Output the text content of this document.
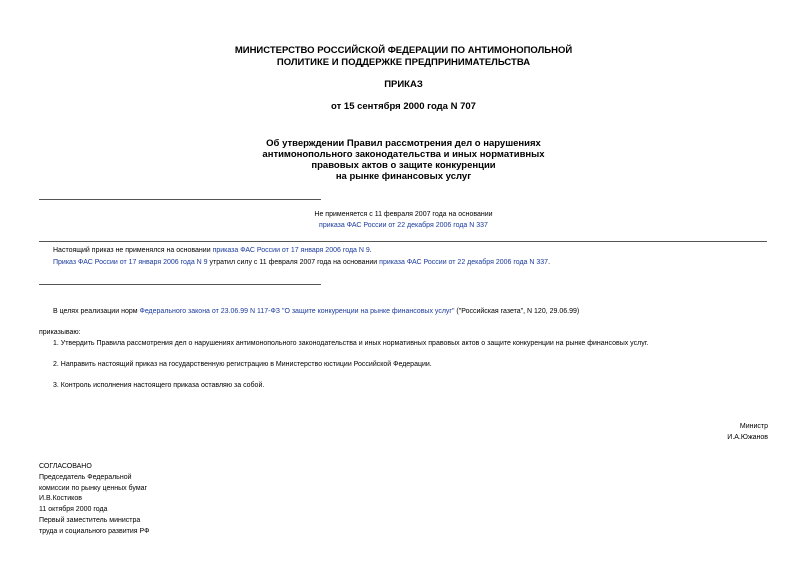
МИНИСТЕРСТВО РОССИЙСКОЙ ФЕДЕРАЦИИ ПО АНТИМОНОПОЛЬНОЙ

ПОЛИТИКЕ И ПОДДЕРЖКЕ ПРЕДПРИНИМАТЕЛЬСТВА

ПРИКАЗ
от 15 сентября 2000 года N 707

Об утверждении Правил рассмотрения дел о нарушениях

антимонопольного законодательства и иных нормативных

правовых актов о защите конкуренции

на рынке финансовых услуг

Не применяется с 11 февраля 2007 года на основании
приказа ФАС России от 22 декабря 2006 года N 337
Настоящий приказ не применялся на основании приказа ФАС России от 17 января 2006 года N 9.
Приказ ФАС России от 17 января 2006 года N 9 утратил силу с 11 февраля 2007 года на основании приказа ФАС России от 22 декабря 2006 года N 337.
В целях реализации норм Федерального закона от 23.06.99 N 117-ФЗ "О защите конкуренции на рынке финансовых услуг" ("Российская газета", N 120, 29.06.99)
приказываю:
1. Утвердить Правила рассмотрения дел о нарушениях антимонопольного законодательства и иных нормативных правовых актов о защите конкуренции на рынке финансовых услуг.
2. Направить настоящий приказ на государственную регистрацию в Министерство юстиции Российской Федерации.
3. Контроль исполнения настоящего приказа оставляю за собой.
Министр
И.А.Южанов
СОГЛАСОВАНО
Председатель Федеральной
комиссии по рынку ценных бумаг
И.В.Костиков
11 октября 2000 года
Первый заместитель министра
труда и социального развития РФ
